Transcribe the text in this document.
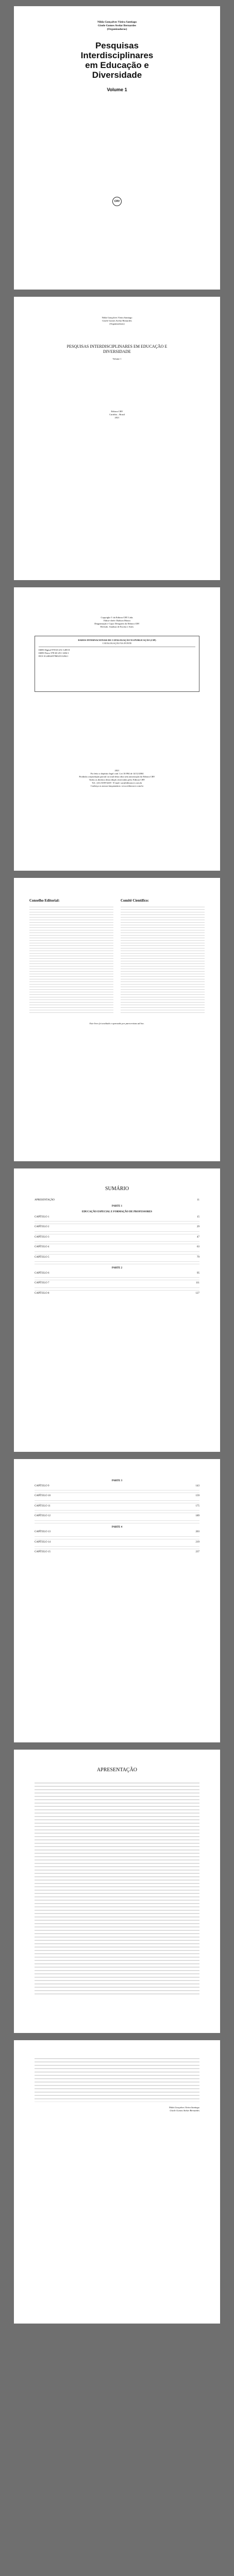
Nilda Gonçalves Vieira Santiago
Gisele Gomes Avelar Bernardes
(Organizadoras)
Pesquisas Interdisciplinares em Educação e Diversidade
Volume 1
CRV
Nilda Gonçalves Vieira Santiago
Gisele Gomes Avelar Bernardes
(Organizadoras)
PESQUISAS INTERDISCIPLINARES EM EDUCAÇÃO E DIVERSIDADE
Volume 1
Editora CRV
Curitiba – Brasil
2021
Copyright © da Editora CRV Ltda.
Editor-chefe: Railson Moura
Diagramação e Capa: Designers da Editora CRV
Revisão: Analista de Escrita e Artes
DADOS INTERNACIONAIS DE CATALOGAÇÃO NA PUBLICAÇÃO (CIP)
CATALOGAÇÃO NA FONTE
ISBN Digital 978-65-251-1285-8
ISBN Físico 978-65-251-1284-1
DOI 10.24824/978652511284.1
2021
Foi feito o depósito legal conf. Lei 10.994 de 14/12/2004
Proibida a reprodução parcial ou total desta obra sem autorização da Editora CRV
Todos os direitos desta edição reservados pela: Editora CRV
Tel.: (41) 3039-6418 - E-mail: sac@editoracrv.com.br
Conheça os nossos lançamentos: www.editoracrv.com.br
Conselho Editorial:	Comitê Científico:
Este livro foi avaliado e aprovado por pareceristas ad hoc.
SUMÁRIO
APRESENTAÇÃO	11
PARTE 1
EDUCAÇÃO ESPECIAL E FORMAÇÃO DE PROFESSORES
CAPÍTULO 1	15
CAPÍTULO 2	29
CAPÍTULO 3	47
CAPÍTULO 4	63
CAPÍTULO 5	79
PARTE 2
CAPÍTULO 6	95
CAPÍTULO 7	111
CAPÍTULO 8	127
PARTE 3
CAPÍTULO 9	143
CAPÍTULO 10	159
CAPÍTULO 11	175
CAPÍTULO 12	189
PARTE 4
CAPÍTULO 13	203
CAPÍTULO 14	219
CAPÍTULO 15	237
APRESENTAÇÃO
Nilda Gonçalves Vieira Santiago
Gisele Gomes Avelar Bernardes
